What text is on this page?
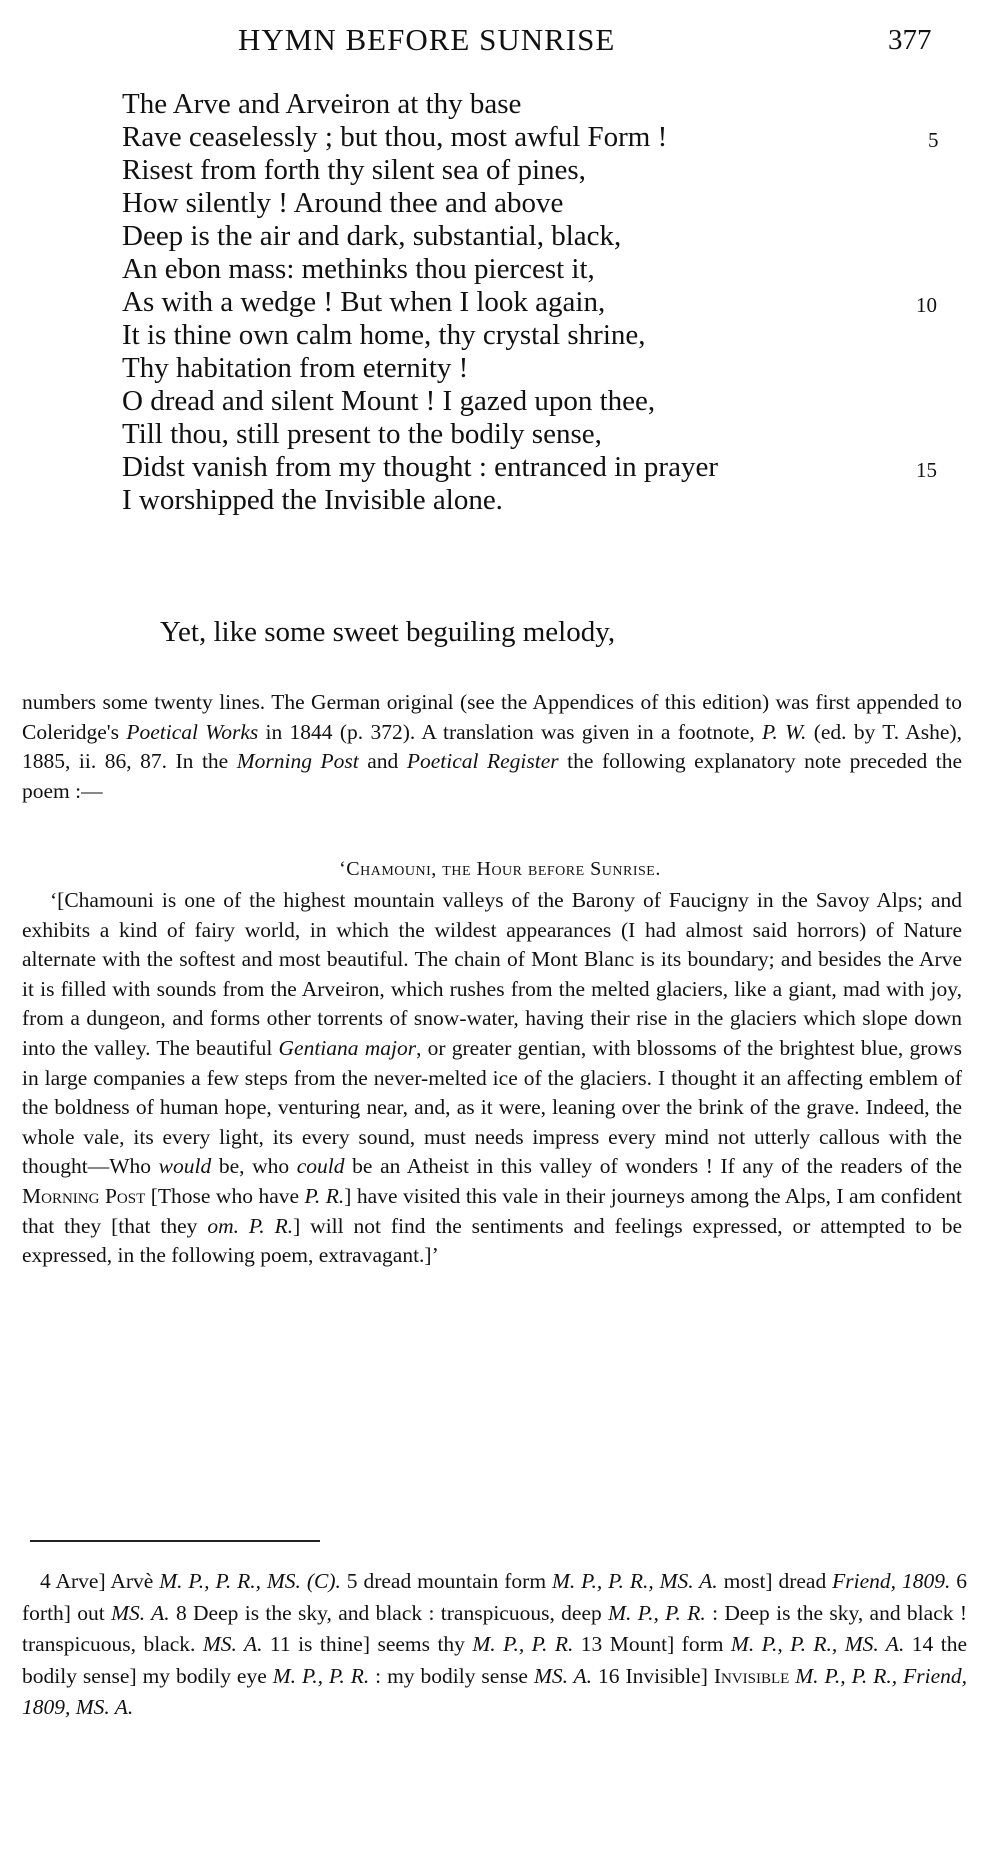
HYMN BEFORE SUNRISE	377
The Arve and Arveiron at thy base
Rave ceaselessly ; but thou, most awful Form !
Risest from forth thy silent sea of pines,
How silently ! Around thee and above
Deep is the air and dark, substantial, black,
An ebon mass: methinks thou piercest it,
As with a wedge ! But when I look again,
It is thine own calm home, thy crystal shrine,
Thy habitation from eternity !
O dread and silent Mount ! I gazed upon thee,
Till thou, still present to the bodily sense,
Didst vanish from my thought : entranced in prayer
I worshipped the Invisible alone.
5
10
15
Yet, like some sweet beguiling melody,

numbers some twenty lines. The German original (see the Appendices of this edition) was first appended to Coleridge's Poetical Works in 1844 (p. 372). A translation was given in a footnote, P. W. (ed. by T. Ashe), 1885, ii. 86, 87. In the Morning Post and Poetical Register the following explanatory note preceded the poem :—

‘Chamouni, the Hour before Sunrise.

‘[Chamouni is one of the highest mountain valleys of the Barony of Faucigny in the Savoy Alps; and exhibits a kind of fairy world, in which the wildest appearances (I had almost said horrors) of Nature alternate with the softest and most beautiful. The chain of Mont Blanc is its boundary; and besides the Arve it is filled with sounds from the Arveiron, which rushes from the melted glaciers, like a giant, mad with joy, from a dungeon, and forms other torrents of snow-water, having their rise in the glaciers which slope down into the valley. The beautiful Gentiana major, or greater gentian, with blossoms of the brightest blue, grows in large companies a few steps from the never-melted ice of the glaciers. I thought it an affecting emblem of the boldness of human hope, venturing near, and, as it were, leaning over the brink of the grave. Indeed, the whole vale, its every light, its every sound, must needs impress every mind not utterly callous with the thought—Who would be, who could be an Atheist in this valley of wonders ! If any of the readers of the Morning Post [Those who have P. R.] have visited this vale in their journeys among the Alps, I am confident that they [that they om. P. R.] will not find the sentiments and feelings expressed, or attempted to be expressed, in the following poem, extravagant.]’

4 Arve] Arvè M. P., P. R., MS. (C). 5 dread mountain form M. P., P. R., MS. A. most] dread Friend, 1809. 6 forth] out MS. A. 8 Deep is the sky, and black : transpicuous, deep M. P., P. R. : Deep is the sky, and black ! transpicuous, black. MS. A. 11 is thine] seems thy M. P., P. R. 13 Mount] form M. P., P. R., MS. A. 14 the bodily sense] my bodily eye M. P., P. R. : my bodily sense MS. A. 16 Invisible] Invisible M. P., P. R., Friend, 1809, MS. A.
